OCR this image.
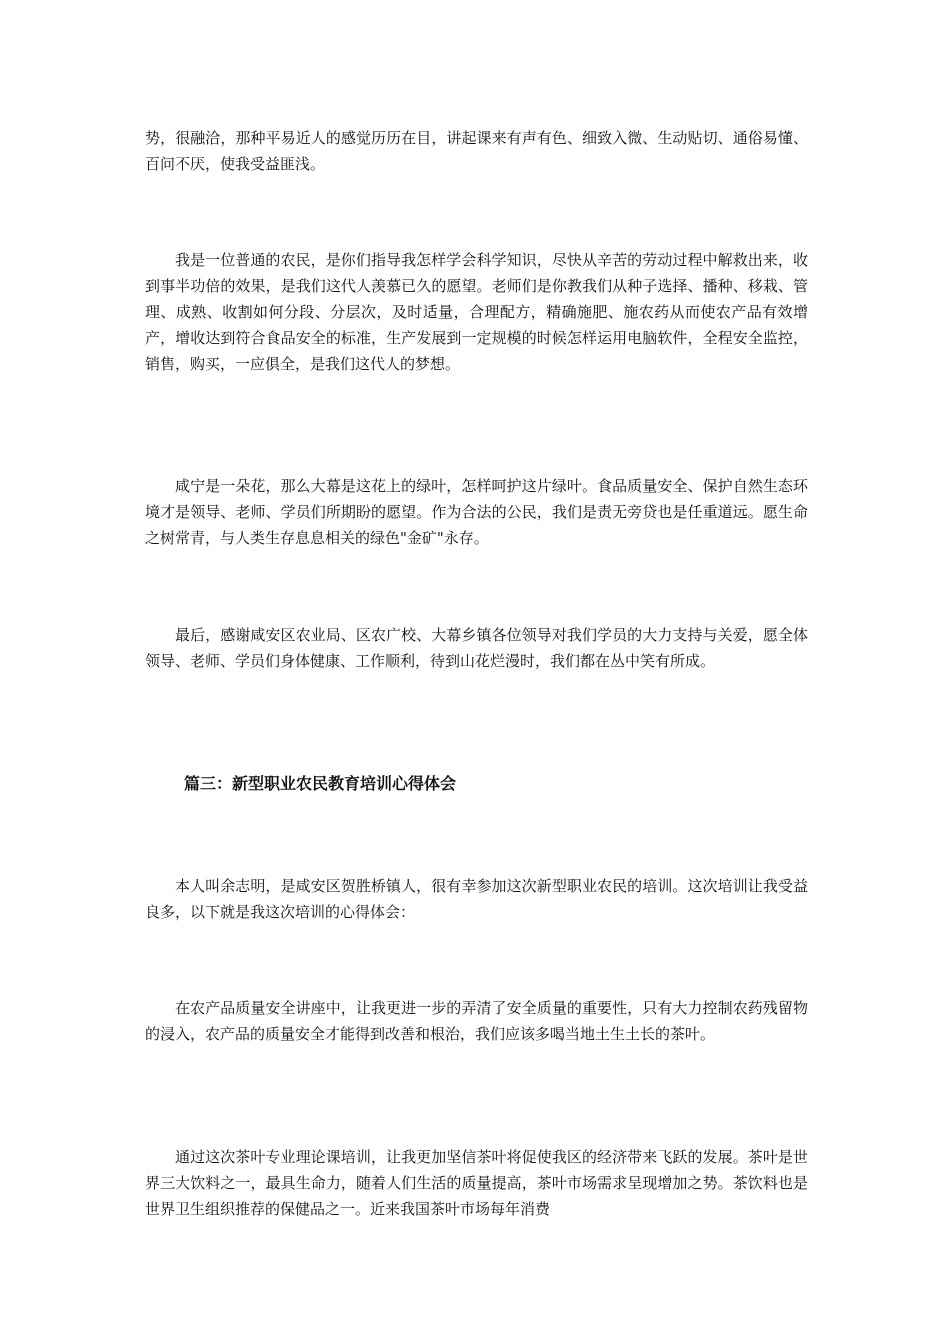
势，很融洽，那种平易近人的感觉历历在目，讲起课来有声有色、细致入微、生动贴切、通俗易懂、百问不厌，使我受益匪浅。

我是一位普通的农民，是你们指导我怎样学会科学知识，尽快从辛苦的劳动过程中解救出来，收到事半功倍的效果，是我们这代人羡慕已久的愿望。老师们是你教我们从种子选择、播种、移栽、管理、成熟、收割如何分段、分层次，及时适量，合理配方，精确施肥、施农药从而使农产品有效增产，增收达到符合食品安全的标准，生产发展到一定规模的时候怎样运用电脑软件，全程安全监控，销售，购买，一应俱全，是我们这代人的梦想。

咸宁是一朵花，那么大幕是这花上的绿叶，怎样呵护这片绿叶。食品质量安全、保护自然生态环境才是领导、老师、学员们所期盼的愿望。作为合法的公民，我们是责无旁贷也是任重道远。愿生命之树常青，与人类生存息息相关的绿色"金矿"永存。

最后，感谢咸安区农业局、区农广校、大幕乡镇各位领导对我们学员的大力支持与关爱，愿全体领导、老师、学员们身体健康、工作顺利，待到山花烂漫时，我们都在丛中笑有所成。

篇三：新型职业农民教育培训心得体会

本人叫余志明，是咸安区贺胜桥镇人，很有幸参加这次新型职业农民的培训。这次培训让我受益良多，以下就是我这次培训的心得体会：

在农产品质量安全讲座中，让我更进一步的弄清了安全质量的重要性，只有大力控制农药残留物的浸入，农产品的质量安全才能得到改善和根治，我们应该多喝当地土生土长的茶叶。

通过这次茶叶专业理论课培训，让我更加坚信茶叶将促使我区的经济带来飞跃的发展。茶叶是世界三大饮料之一，最具生命力，随着人们生活的质量提高，茶叶市场需求呈现增加之势。茶饮料也是世界卫生组织推荐的保健品之一。近来我国茶叶市场每年消费
